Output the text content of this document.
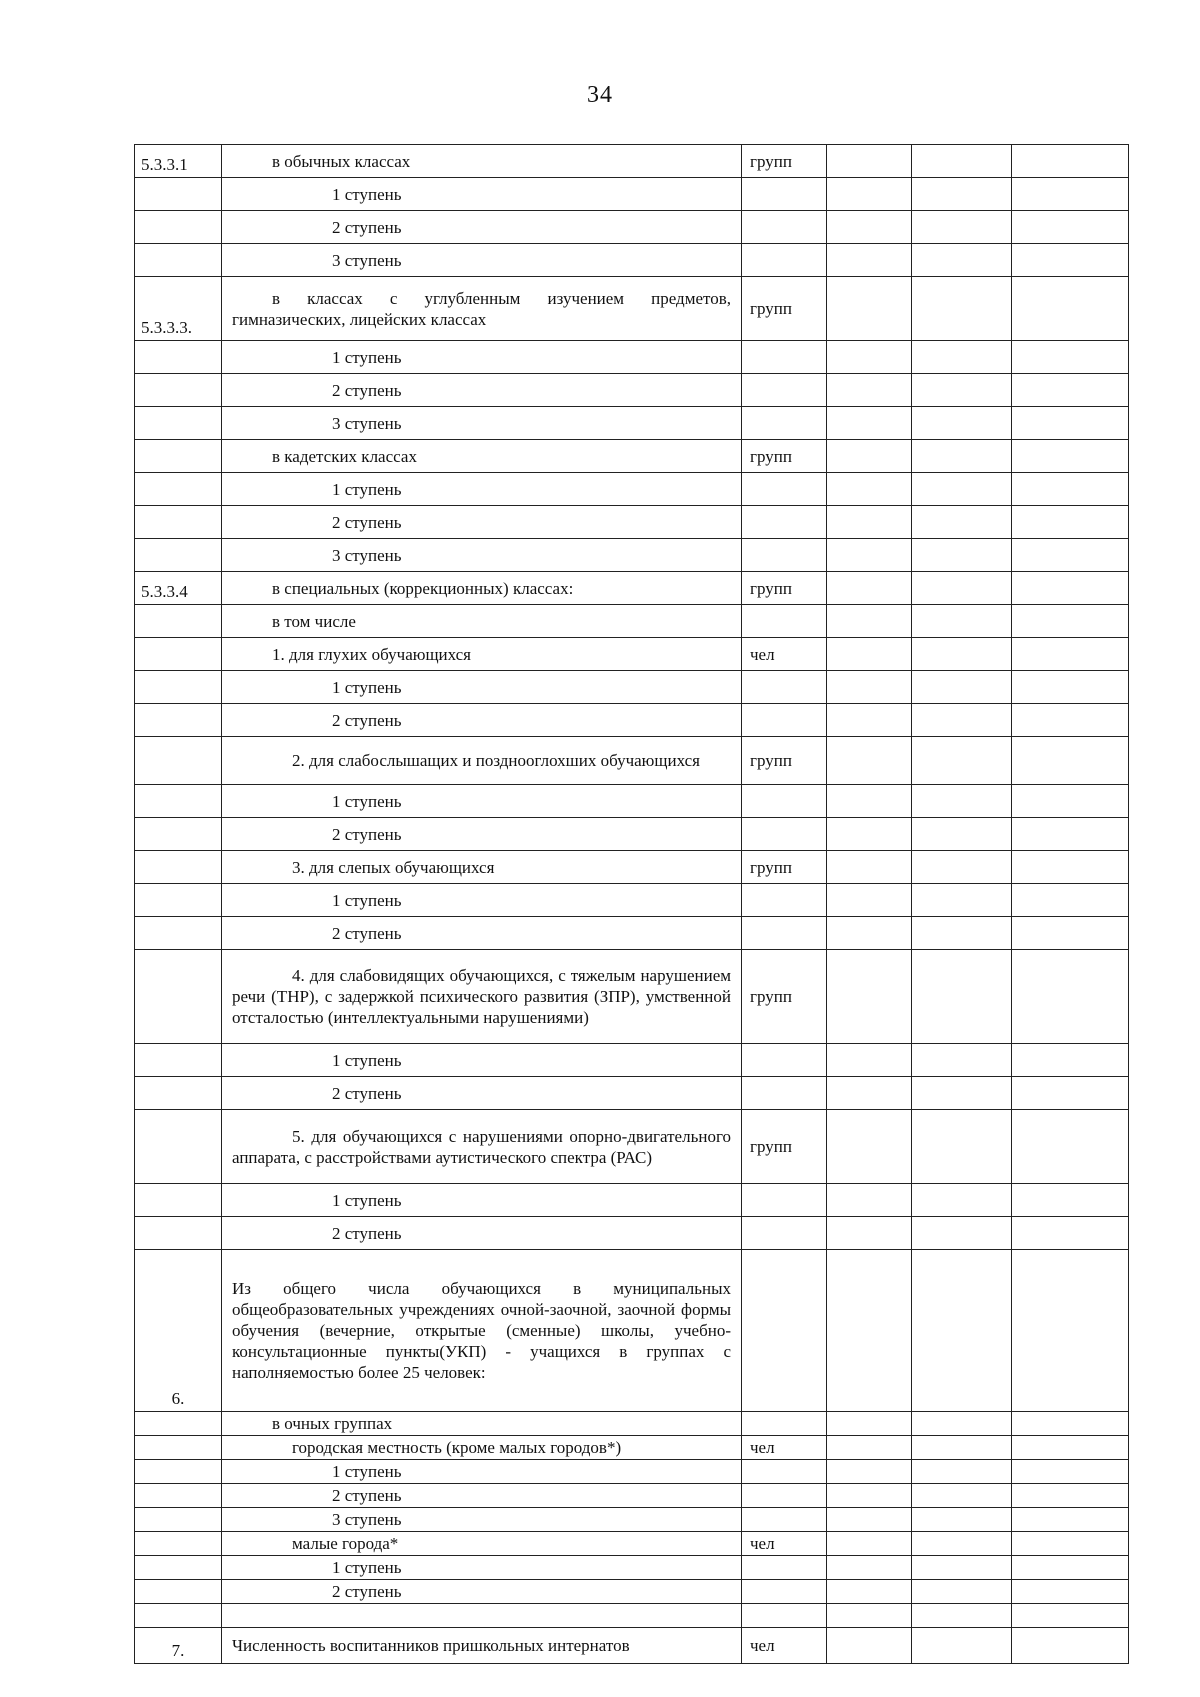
34
5.3.3.1	в обычных классах	групп			

	1 ступень				

	2 ступень				

	3 ступень				

5.3.3.3.	в классах с углубленным изучением предметов, гимназических, лицейских классах	групп			

	1 ступень				

	2 ступень				

	3 ступень				

	в кадетских классах	групп			

	1 ступень				

	2 ступень				

	3 ступень				

5.3.3.4	в специальных (коррекционных) классах:	групп			

	в том числе				

	1. для глухих обучающихся	чел			

	1 ступень				

	2 ступень				

	2. для слабослышащих и позднооглохших обучающихся	групп			

	1 ступень				

	2 ступень				

	3. для слепых обучающихся	групп			

	1 ступень				

	2 ступень				

	4. для слабовидящих обучающихся, с тяжелым нарушением речи (ТНР), с задержкой психического развития (ЗПР), умственной отсталостью (интеллектуальными нарушениями)	групп			

	1 ступень				

	2 ступень				

	5. для обучающихся с нарушениями опорно-двигательного аппарата, с расстройствами аутистического спектра (РАС)	групп			

	1 ступень				

	2 ступень				

6.	Из общего числа обучающихся в муниципальных общеобразовательных учреждениях очной-заочной, заочной формы обучения (вечерние, открытые (сменные) школы, учебно-консультационные пункты(УКП) - учащихся в группах с наполняемостью более 25 человек:				

	в очных группах				

	городская местность (кроме малых городов*)	чел			

	1 ступень				

	2 ступень				

	3 ступень				

	малые города*	чел			

	1 ступень				

	2 ступень				

7.	Численность воспитанников пришкольных интернатов	чел			
